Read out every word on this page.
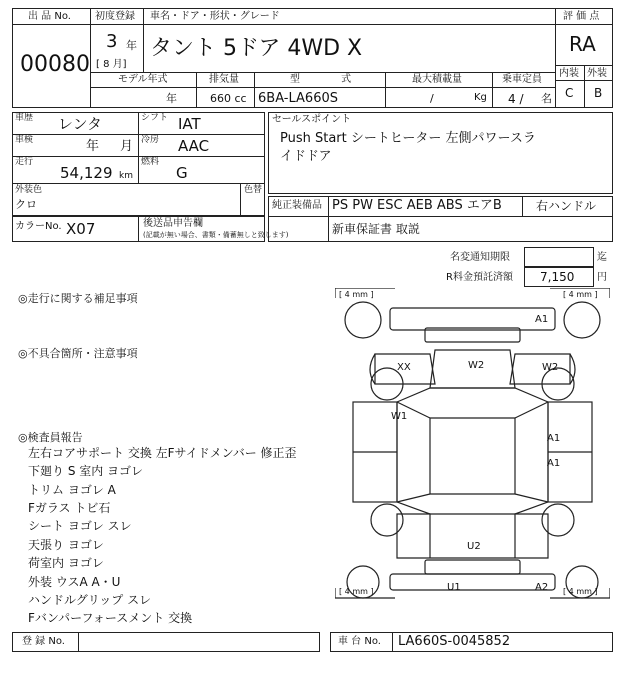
出 品 No.
00080
初度登録 車名・ドア・形状・グレード
3 年
[ 8 月]
タント 5ドア 4WD X
モデル年式	排気量	型 式	最大積載量	乗車定員
年	660 cc 6BA-LA660S	/	Kg 4 / 名
評 価 点
RA
内装 外装
C B
車歴 レンタ	シフト IAT
車検	年 月 冷房 AAC
走行
54,129 km
燃料
G
外装色
クロ
色替
カラーNo. X07	後送品申告欄
(記載が無い場合、書類・備蓄無しと致します)
セールスポイント
Push Start シートヒーター 左側パワースラ
イドドア
純正装備品 PS PW ESC AEB ABS エアB	右ハンドル
新車保証書 取説
名変通知期限	迄
R料金預託済額 7,150 円
◎走行に関する補足事項
◎不具合箇所・注意事項
◎検査員報告
左右コアサポート 交換 左Fサイドメンバー 修正歪
下廻り S 室内 ヨゴレ
トリム ヨゴレ A
Fガラス トビ石
シート ヨゴレ スレ
天張り ヨゴレ
荷室内 ヨゴレ
外装 ウスA A・U
ハンドルグリップ スレ
Fバンパーフォースメント 交換
[ 4 mm ]	[ 4 mm ]
[ 4 mm ]	[ 4 mm ]
A1
XX	W2	W2
W1
A1
A1
U2
U1	A2
登 録 No.	車 台 No. LA660S-0045852
